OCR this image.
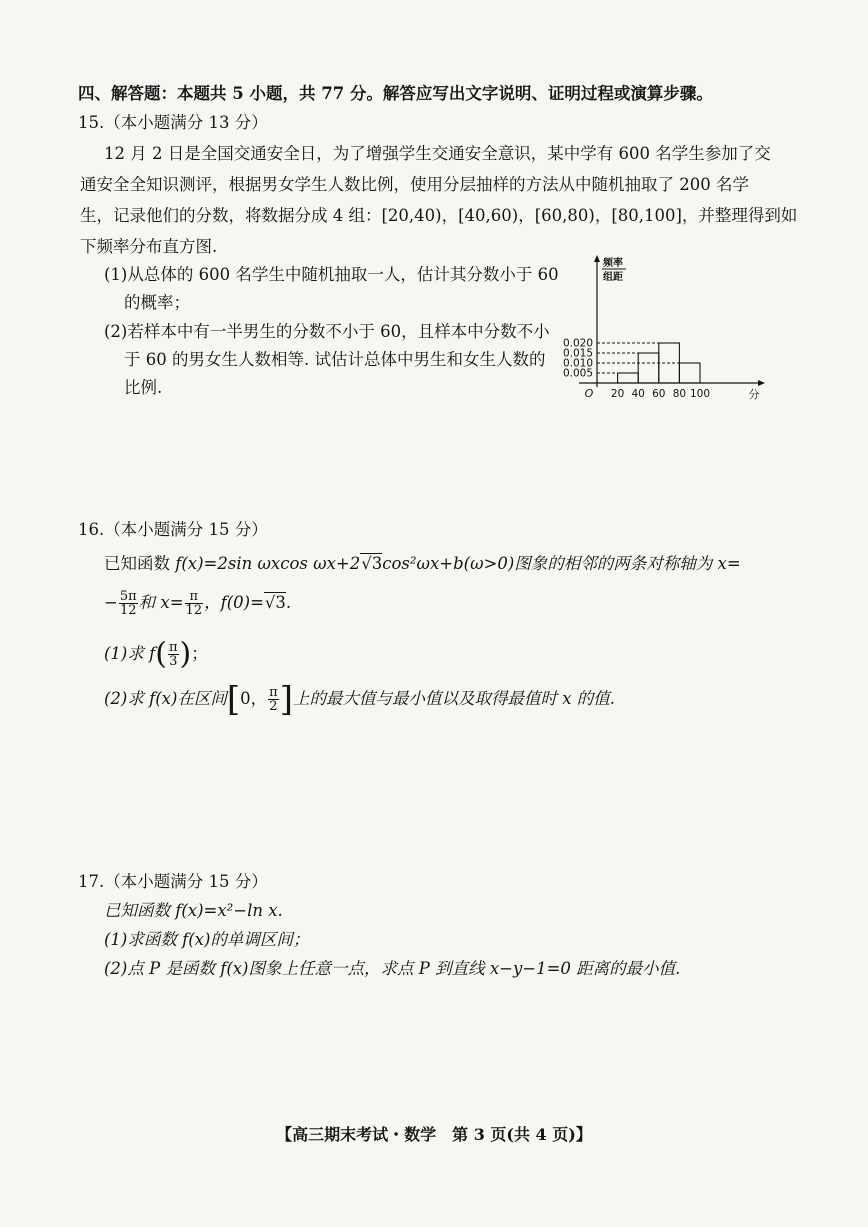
四、解答题：本题共 5 小题，共 77 分。解答应写出文字说明、证明过程或演算步骤。
15.（本小题满分 13 分）
12 月 2 日是全国交通安全日，为了增强学生交通安全意识，某中学有 600 名学生参加了交
通安全全知识测评，根据男女学生人数比例，使用分层抽样的方法从中随机抽取了 200 名学
生，记录他们的分数，将数据分成 4 组：[20,40)，[40,60)，[60,80)，[80,100]，并整理得到如
下频率分布直方图.
(1)从总体的 600 名学生中随机抽取一人，估计其分数小于 60
的概率；
(2)若样本中有一半男生的分数不小于 60，且样本中分数不小
于 60 的男女生人数相等. 试估计总体中男生和女生人数的
比例.
0.005
0.010
0.015
0.020
20 40 60 80 100
O	分
频率
组距
16.（本小题满分 15 分）
已知函数 f(x)=2sin ωxcos ωx+2√3cos²ωx+b(ω>0)图象的相邻的两条对称轴为 x=
− $\frac{5\pi}{12}$ 和 $x= \frac{\pi}{12}$ ，f(0)=√3.
(1)求 $f( \frac{\pi}{3}$ )；
(2)求 f(x)在区间[0， $\frac{\pi}{2}$ ]上的最大值与最小值以及取得最值时 x 的值.
17.（本小题满分 15 分）
已知函数 f(x)=x²−ln x.
(1)求函数 f(x)的单调区间；
(2)点 P 是函数 f(x)图象上任意一点，求点 P 到直线 x−y−1=0 距离的最小值.
【高三期末考试・数学　第 3 页(共 4 页)】
